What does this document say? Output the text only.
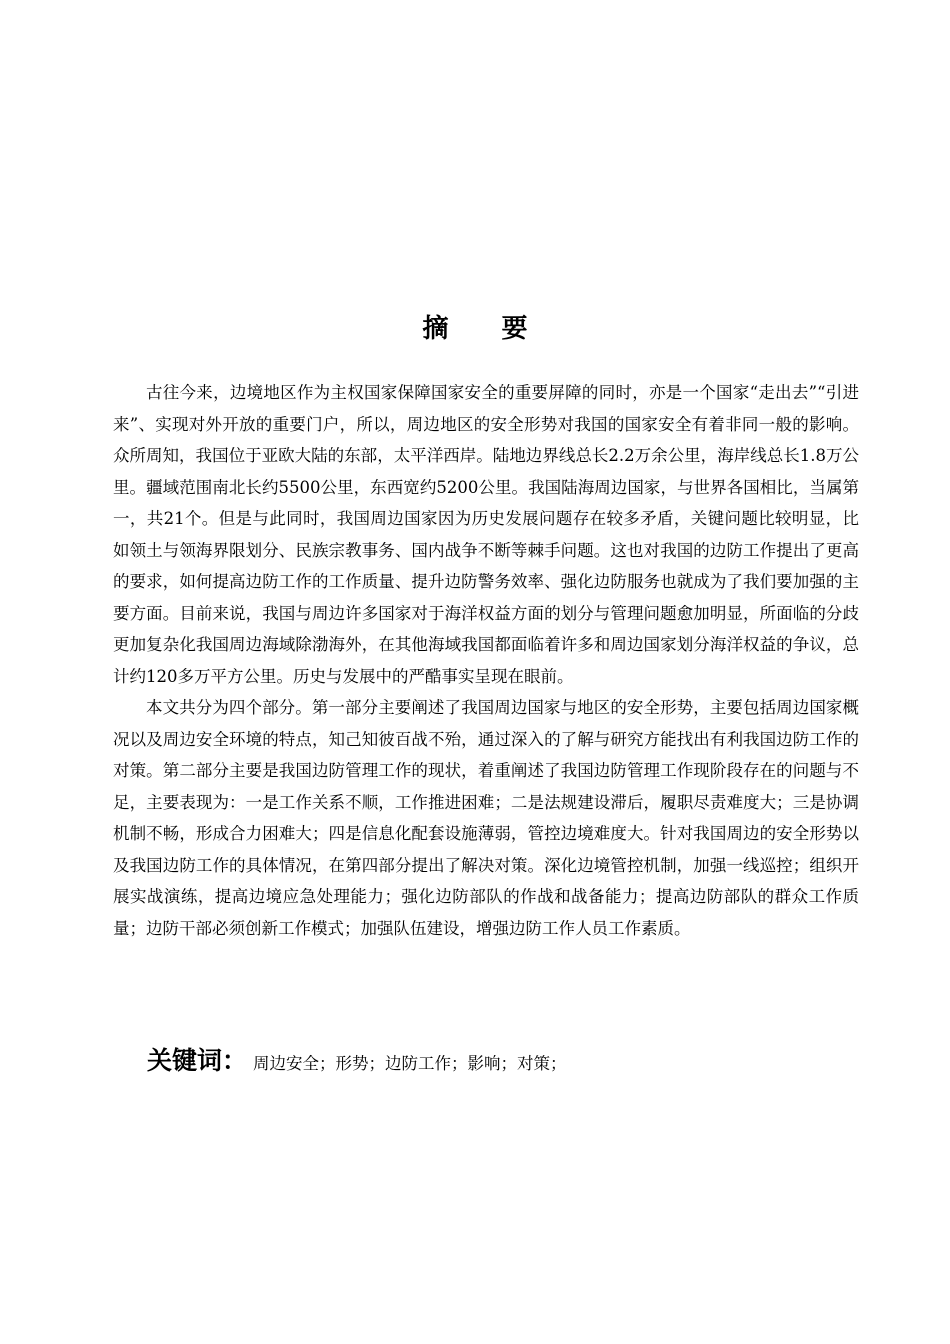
摘 要

古往今来，边境地区作为主权国家保障国家安全的重要屏障的同时，亦是一个国家“走出去”“引进来”、实现对外开放的重要门户，所以，周边地区的安全形势对我国的国家安全有着非同一般的影响。众所周知，我国位于亚欧大陆的东部，太平洋西岸。陆地边界线总长2.2万余公里，海岸线总长1.8万公里。疆域范围南北长约5500公里，东西宽约5200公里。我国陆海周边国家，与世界各国相比，当属第一，共21个。但是与此同时，我国周边国家因为历史发展问题存在较多矛盾，关键问题比较明显，比如领土与领海界限划分、民族宗教事务、国内战争不断等棘手问题。这也对我国的边防工作提出了更高的要求，如何提高边防工作的工作质量、提升边防警务效率、强化边防服务也就成为了我们要加强的主要方面。目前来说，我国与周边许多国家对于海洋权益方面的划分与管理问题愈加明显，所面临的分歧更加复杂化我国周边海域除渤海外，在其他海域我国都面临着许多和周边国家划分海洋权益的争议，总计约120多万平方公里。历史与发展中的严酷事实呈现在眼前。

本文共分为四个部分。第一部分主要阐述了我国周边国家与地区的安全形势，主要包括周边国家概况以及周边安全环境的特点，知己知彼百战不殆，通过深入的了解与研究方能找出有利我国边防工作的对策。第二部分主要是我国边防管理工作的现状，着重阐述了我国边防管理工作现阶段存在的问题与不足，主要表现为：一是工作关系不顺，工作推进困难；二是法规建设滞后，履职尽责难度大；三是协调机制不畅，形成合力困难大；四是信息化配套设施薄弱，管控边境难度大。针对我国周边的安全形势以及我国边防工作的具体情况，在第四部分提出了解决对策。深化边境管控机制，加强一线巡控；组织开展实战演练，提高边境应急处理能力；强化边防部队的作战和战备能力；提高边防部队的群众工作质量；边防干部必须创新工作模式；加强队伍建设，增强边防工作人员工作素质。

关键词： 周边安全；形势；边防工作；影响；对策；
